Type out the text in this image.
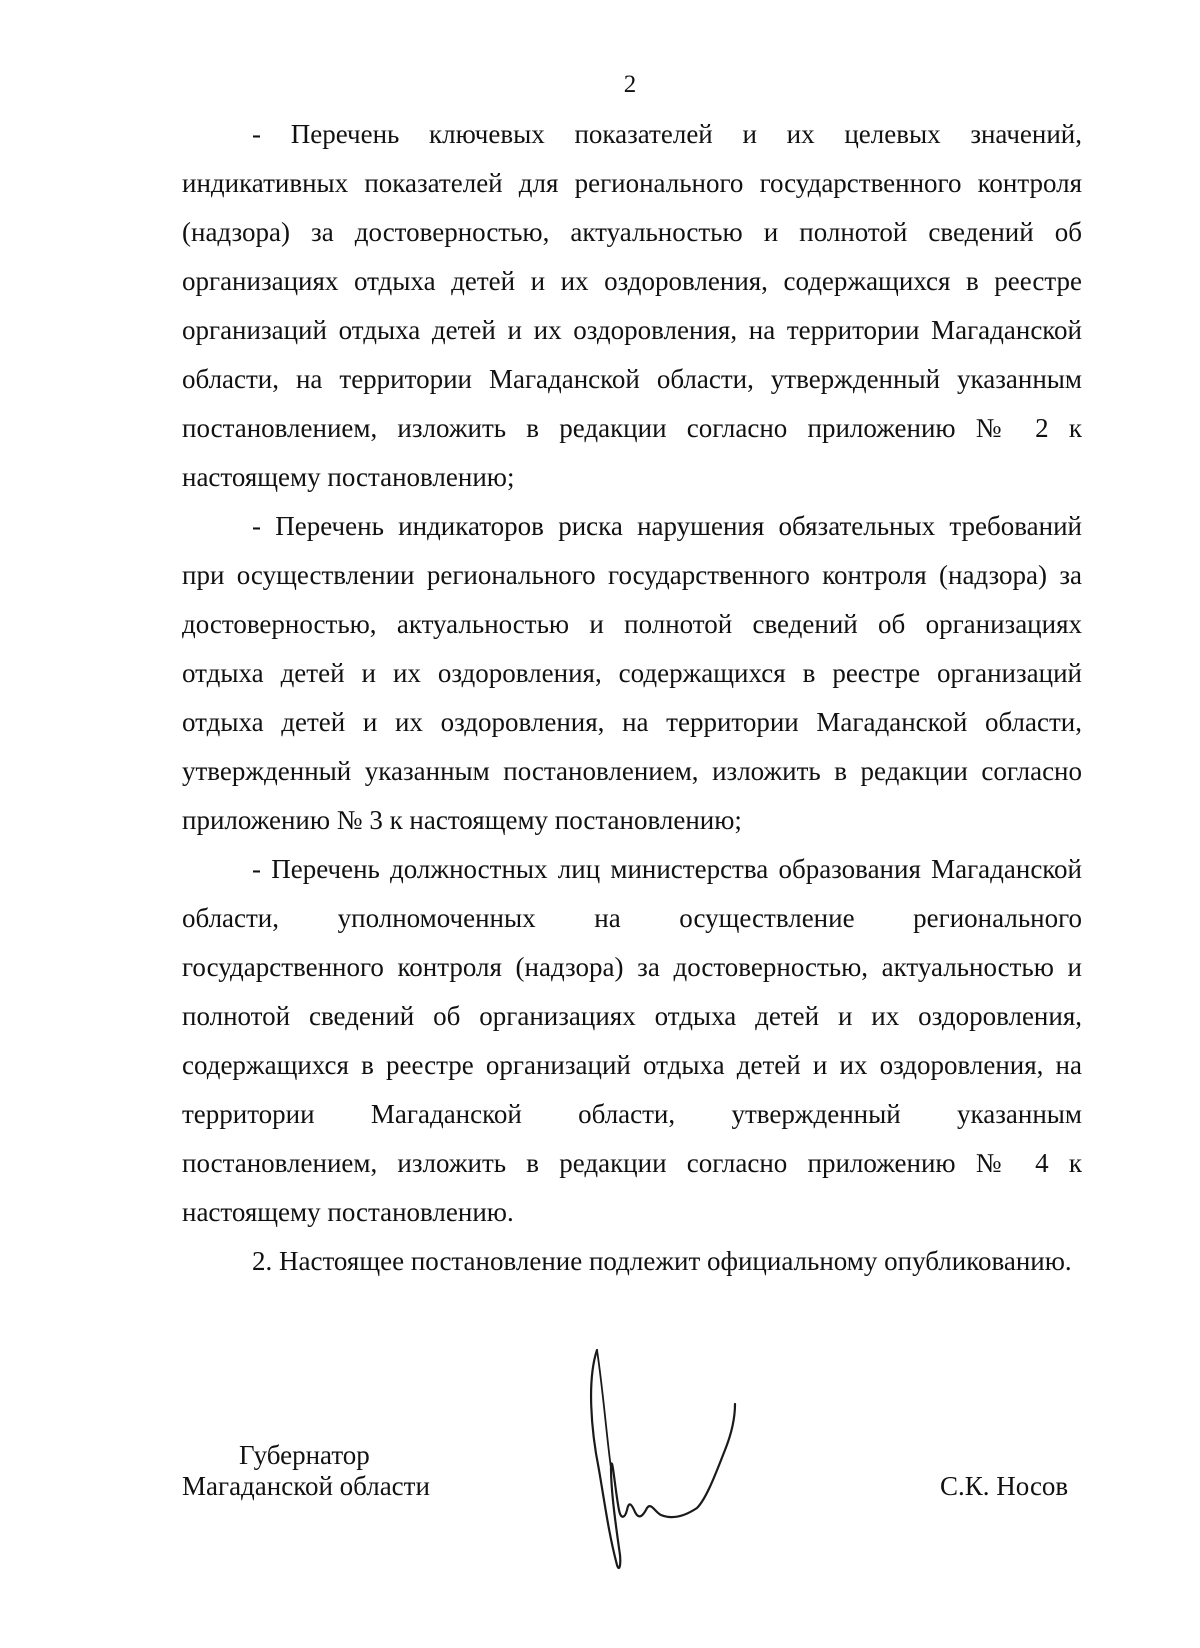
2

- Перечень ключевых показателей и их целевых значений, индикативных показателей для регионального государственного контроля (надзора) за достоверностью, актуальностью и полнотой сведений об организациях отдыха детей и их оздоровления, содержащихся в реестре организаций отдыха детей и их оздоровления, на территории Магаданской области, на территории Магаданской области, утвержденный указанным постановлением, изложить в редакции согласно приложению № 2 к настоящему постановлению;

- Перечень индикаторов риска нарушения обязательных требований при осуществлении регионального государственного контроля (надзора) за достоверностью, актуальностью и полнотой сведений об организациях отдыха детей и их оздоровления, содержащихся в реестре организаций отдыха детей и их оздоровления, на территории Магаданской области, утвержденный указанным постановлением, изложить в редакции согласно приложению № 3 к настоящему постановлению;

- Перечень должностных лиц министерства образования Магаданской области, уполномоченных на осуществление регионального государственного контроля (надзора) за достоверностью, актуальностью и полнотой сведений об организациях отдыха детей и их оздоровления, содержащихся в реестре организаций отдыха детей и их оздоровления, на территории Магаданской области, утвержденный указанным постановлением, изложить в редакции согласно приложению № 4 к настоящему постановлению.

2. Настоящее постановление подлежит официальному опубликованию.

Губернатор
Магаданской области	С.К. Носов
